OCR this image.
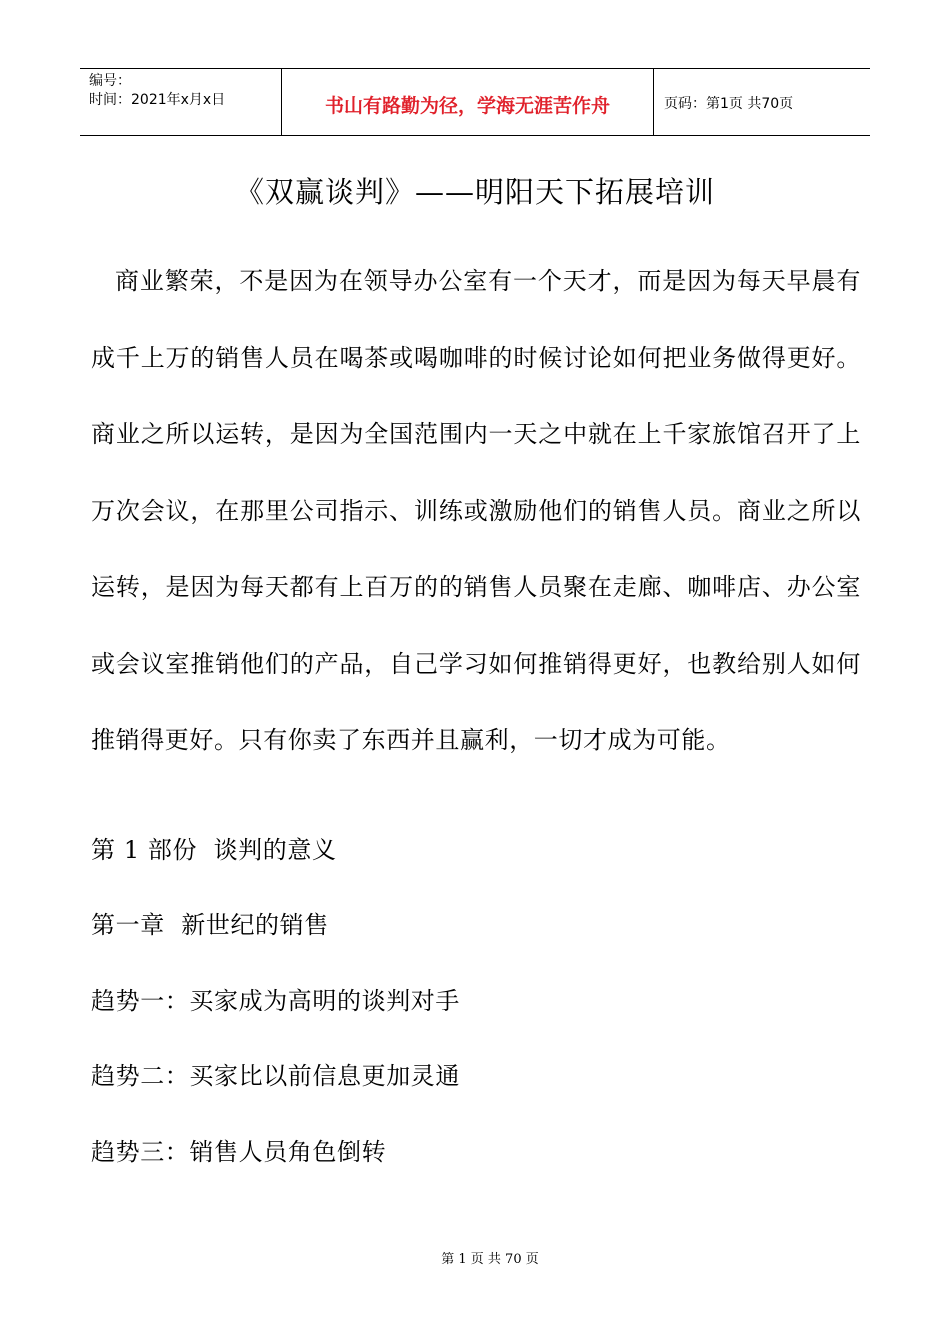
编号：
时间：2021年x月x日	书山有路勤为径，学海无涯苦作舟	页码：第1页 共70页
《双赢谈判》——明阳天下拓展培训

商业繁荣，不是因为在领导办公室有一个天才，而是因为每天早晨有成千上万的销售人员在喝茶或喝咖啡的时候讨论如何把业务做得更好。商业之所以运转，是因为全国范围内一天之中就在上千家旅馆召开了上万次会议，在那里公司指示、训练或激励他们的销售人员。商业之所以运转，是因为每天都有上百万的的销售人员聚在走廊、咖啡店、办公室或会议室推销他们的产品，自己学习如何推销得更好，也教给别人如何推销得更好。只有你卖了东西并且赢利，一切才成为可能。

第 1 部份  谈判的意义
第一章  新世纪的销售
趋势一：买家成为高明的谈判对手
趋势二：买家比以前信息更加灵通
趋势三：销售人员角色倒转
第 1 页 共 70 页
